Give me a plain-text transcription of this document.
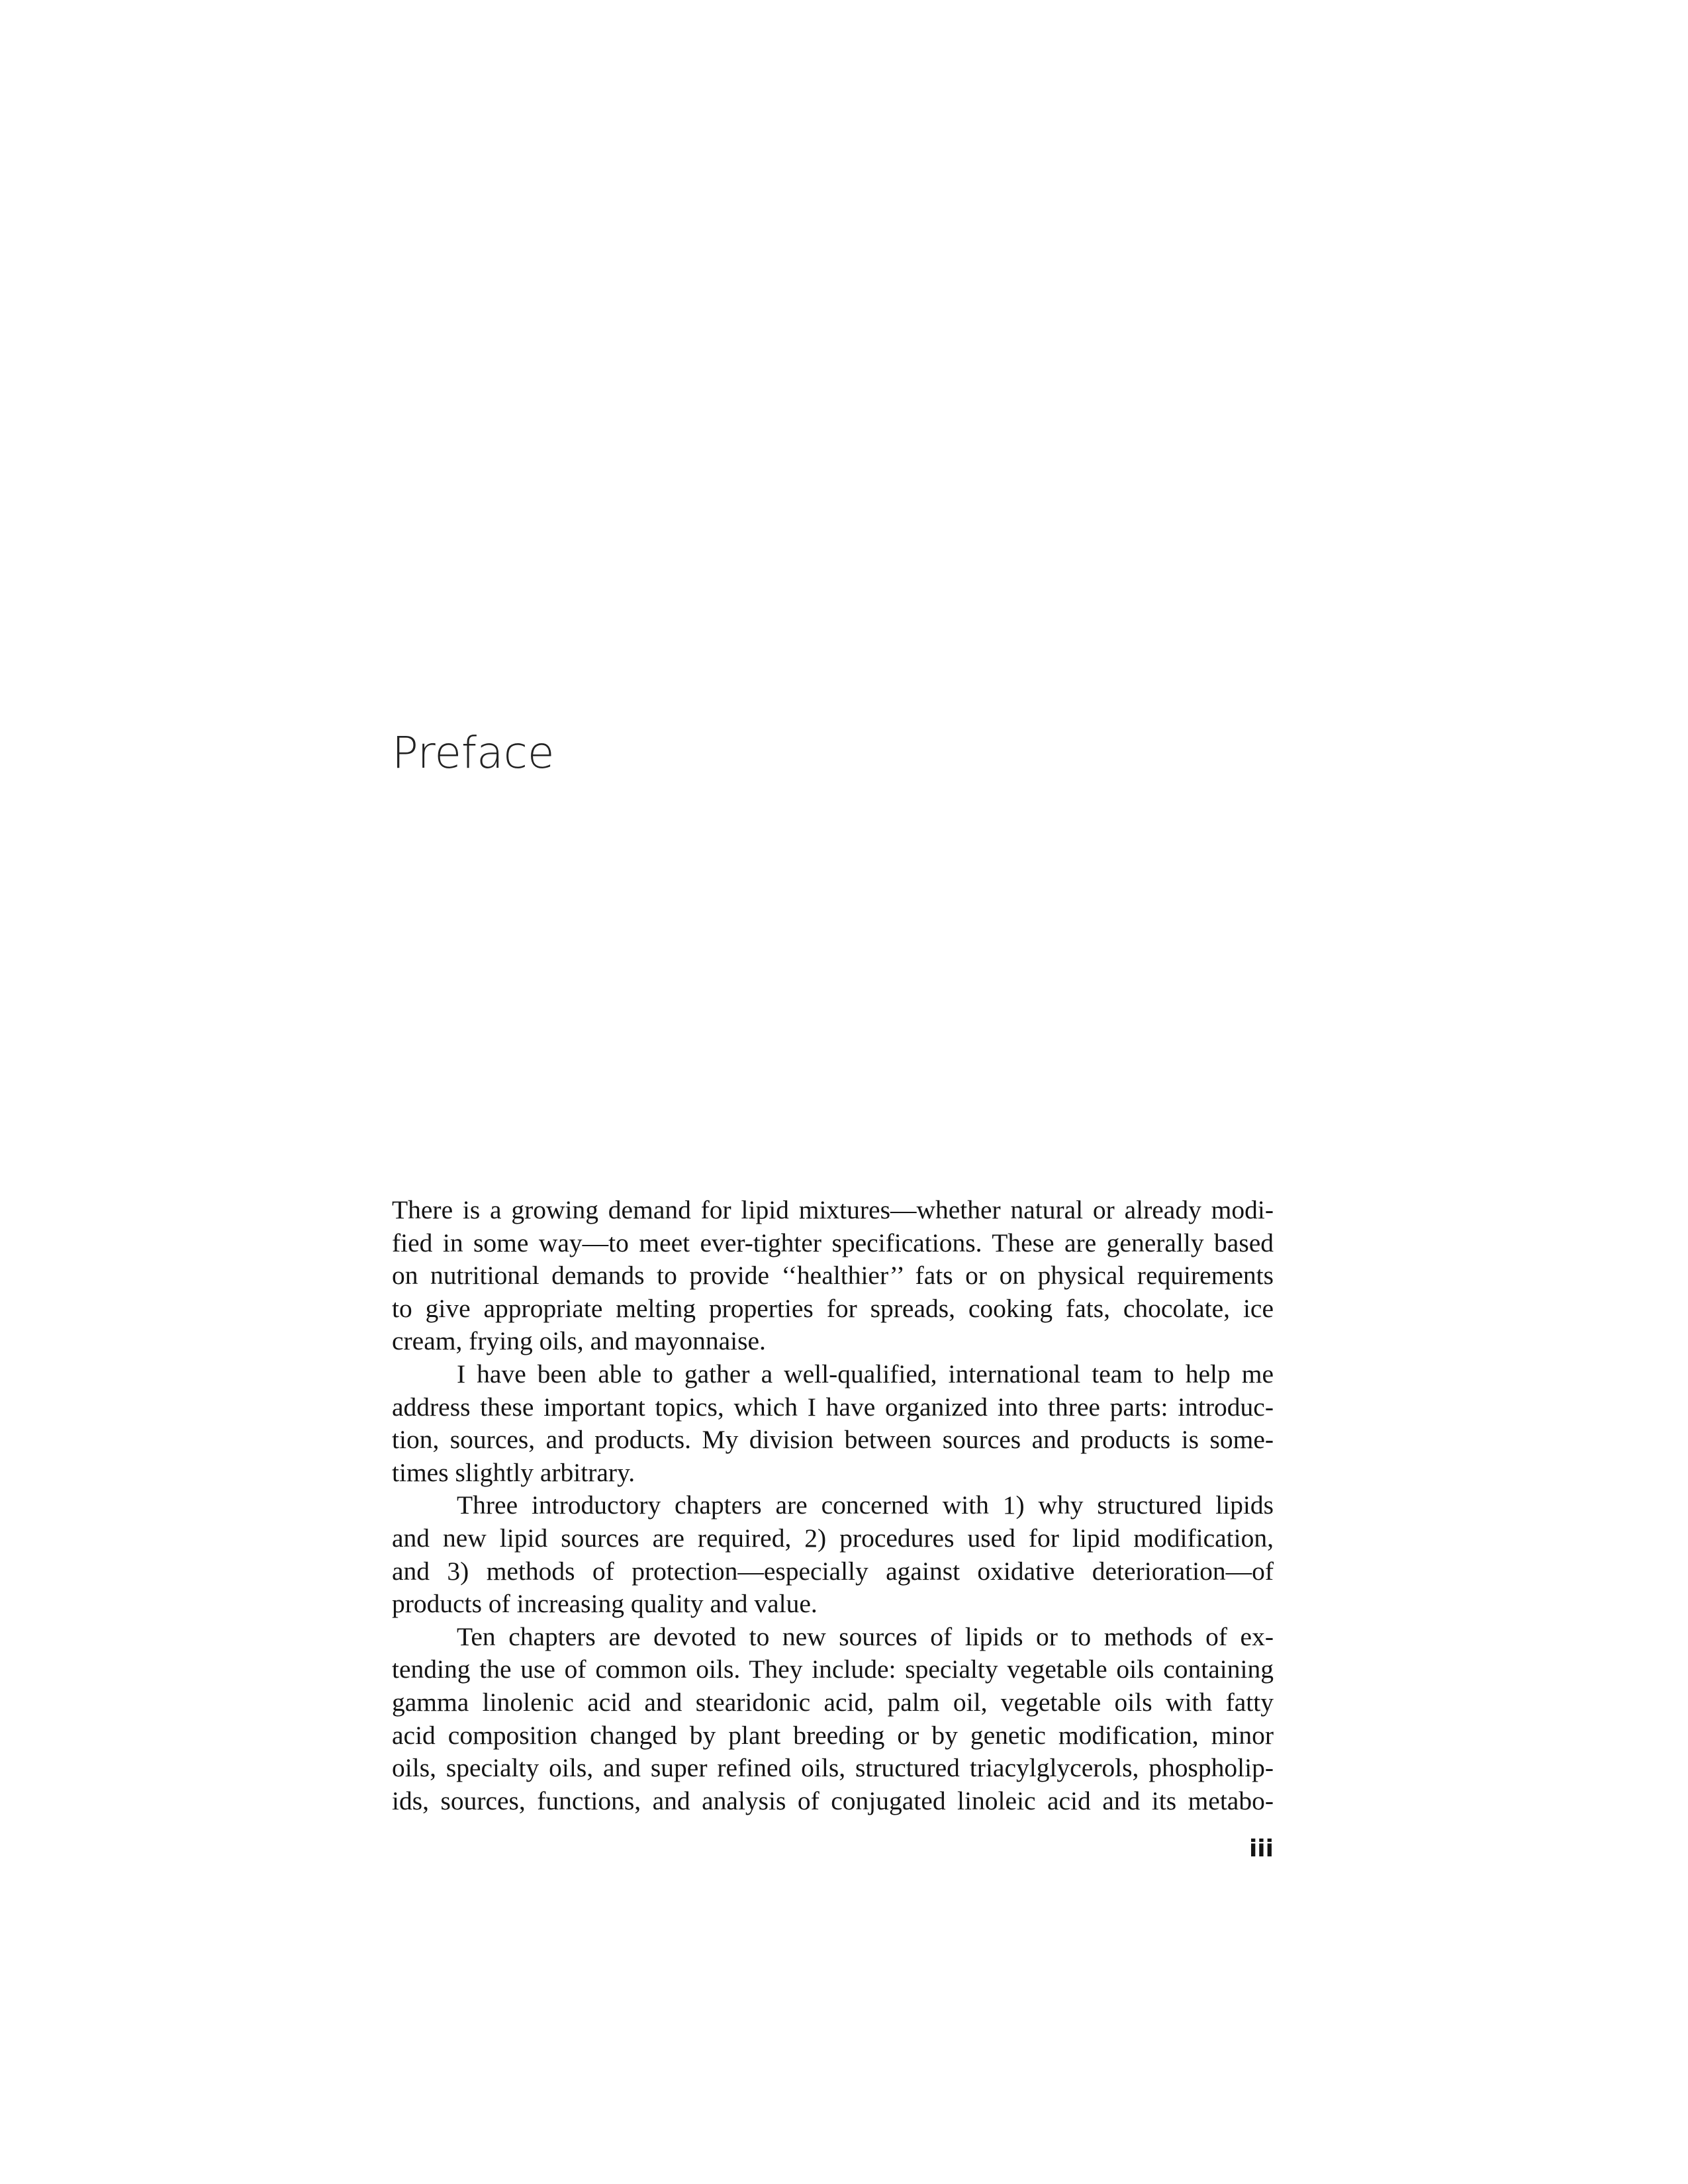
Preface
There is a growing demand for lipid mixtures—whether natural or already modi-
fied in some way—to meet ever-tighter specifications. These are generally based
on nutritional demands to provide ‘‘healthier’’ fats or on physical requirements
to give appropriate melting properties for spreads, cooking fats, chocolate, ice
cream, frying oils, and mayonnaise.
I have been able to gather a well-qualified, international team to help me
address these important topics, which I have organized into three parts: introduc-
tion, sources, and products. My division between sources and products is some-
times slightly arbitrary.
Three introductory chapters are concerned with 1) why structured lipids
and new lipid sources are required, 2) procedures used for lipid modification,
and 3) methods of protection—especially against oxidative deterioration—of
products of increasing quality and value.
Ten chapters are devoted to new sources of lipids or to methods of ex-
tending the use of common oils. They include: specialty vegetable oils containing
gamma linolenic acid and stearidonic acid, palm oil, vegetable oils with fatty
acid composition changed by plant breeding or by genetic modification, minor
oils, specialty oils, and super refined oils, structured triacylglycerols, phospholip-
ids, sources, functions, and analysis of conjugated linoleic acid and its metabo-
iii
